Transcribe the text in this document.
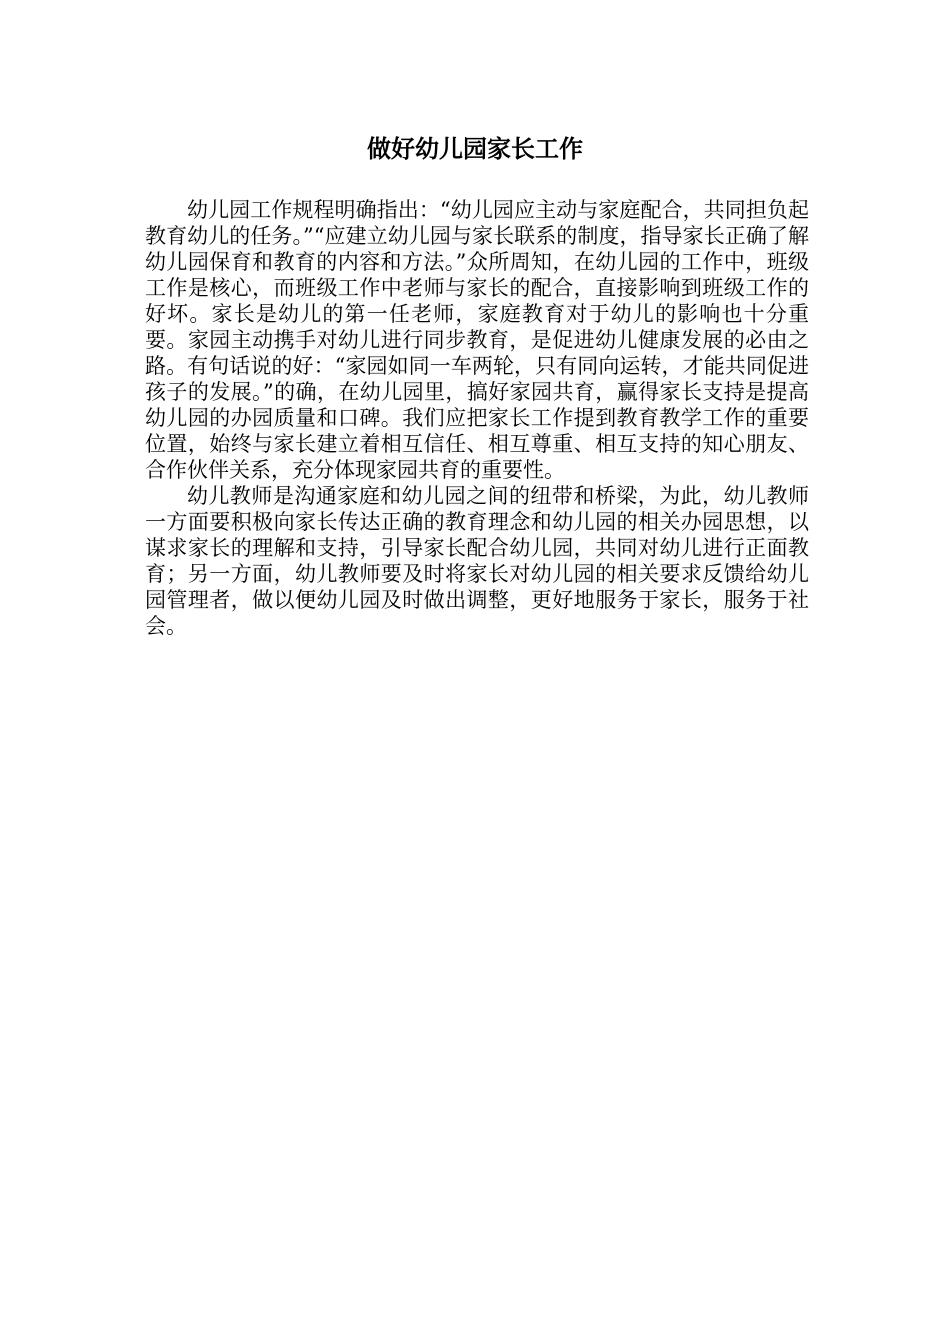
做好幼儿园家长工作

幼儿园工作规程明确指出：“幼儿园应主动与家庭配合，共同担负起教育幼儿的任务。”“应建立幼儿园与家长联系的制度，指导家长正确了解幼儿园保育和教育的内容和方法。”众所周知，在幼儿园的工作中，班级工作是核心，而班级工作中老师与家长的配合，直接影响到班级工作的好坏。家长是幼儿的第一任老师，家庭教育对于幼儿的影响也十分重要。家园主动携手对幼儿进行同步教育，是促进幼儿健康发展的必由之路。有句话说的好：“家园如同一车两轮，只有同向运转，才能共同促进孩子的发展。”的确，在幼儿园里，搞好家园共育，赢得家长支持是提高幼儿园的办园质量和口碑。我们应把家长工作提到教育教学工作的重要位置，始终与家长建立着相互信任、相互尊重、相互支持的知心朋友、合作伙伴关系，充分体现家园共育的重要性。

幼儿教师是沟通家庭和幼儿园之间的纽带和桥梁，为此，幼儿教师一方面要积极向家长传达正确的教育理念和幼儿园的相关办园思想，以谋求家长的理解和支持，引导家长配合幼儿园，共同对幼儿进行正面教育；另一方面，幼儿教师要及时将家长对幼儿园的相关要求反馈给幼儿园管理者，做以便幼儿园及时做出调整，更好地服务于家长，服务于社会。
